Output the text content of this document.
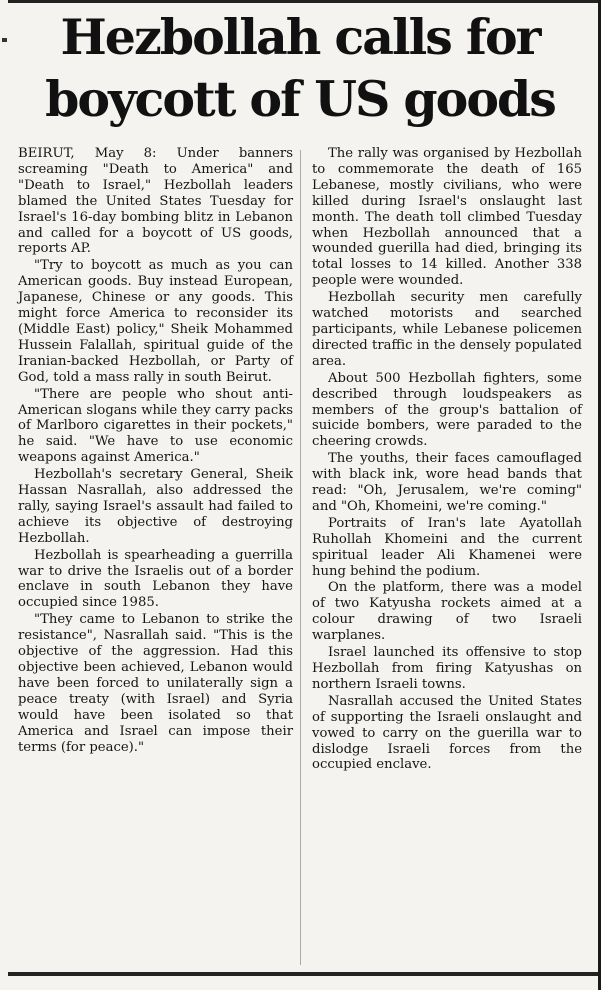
Hezbollah calls for
boycott of US goods

BEIRUT, May 8: Under banners screaming "Death to America" and "Death to Israel," Hezbollah leaders blamed the United States Tuesday for Israel's 16-day bombing blitz in Lebanon and called for a boycott of US goods, reports AP.

"Try to boycott as much as you can American goods. Buy instead European, Japanese, Chinese or any goods. This might force America to reconsider its (Middle East) policy," Sheik Mohammed Hussein Falallah, spiritual guide of the Iranian-backed Hezbollah, or Party of God, told a mass rally in south Beirut.

"There are people who shout anti-American slogans while they carry packs of Marlboro cigarettes in their pockets," he said. "We have to use economic weapons against America."

Hezbollah's secretary General, Sheik Hassan Nasrallah, also addressed the rally, saying Israel's assault had failed to achieve its objective of destroying Hezbollah.

Hezbollah is spearheading a guerrilla war to drive the Israelis out of a border enclave in south Lebanon they have occupied since 1985.

"They came to Lebanon to strike the resistance", Nasrallah said. "This is the objective of the aggression. Had this objective been achieved, Lebanon would have been forced to unilaterally sign a peace treaty (with Israel) and Syria would have been isolated so that America and Israel can impose their terms (for peace)."

The rally was organised by Hezbollah to commemorate the death of 165 Lebanese, mostly civilians, who were killed during Israel's onslaught last month. The death toll climbed Tuesday when Hezbollah announced that a wounded guerilla had died, bringing its total losses to 14 killed. Another 338 people were wounded.

Hezbollah security men carefully watched motorists and searched participants, while Lebanese policemen directed traffic in the densely populated area.

About 500 Hezbollah fighters, some described through loudspeakers as members of the group's battalion of suicide bombers, were paraded to the cheering crowds.

The youths, their faces camouflaged with black ink, wore head bands that read: "Oh, Jerusalem, we're coming" and "Oh, Khomeini, we're coming."

Portraits of Iran's late Ayatollah Ruhollah Khomeini and the current spiritual leader Ali Khamenei were hung behind the podium.

On the platform, there was a model of two Katyusha rockets aimed at a colour drawing of two Israeli warplanes.

Israel launched its offensive to stop Hezbollah from firing Katyushas on northern Israeli towns.

Nasrallah accused the United States of supporting the Israeli onslaught and vowed to carry on the guerilla war to dislodge Israeli forces from the occupied enclave.
